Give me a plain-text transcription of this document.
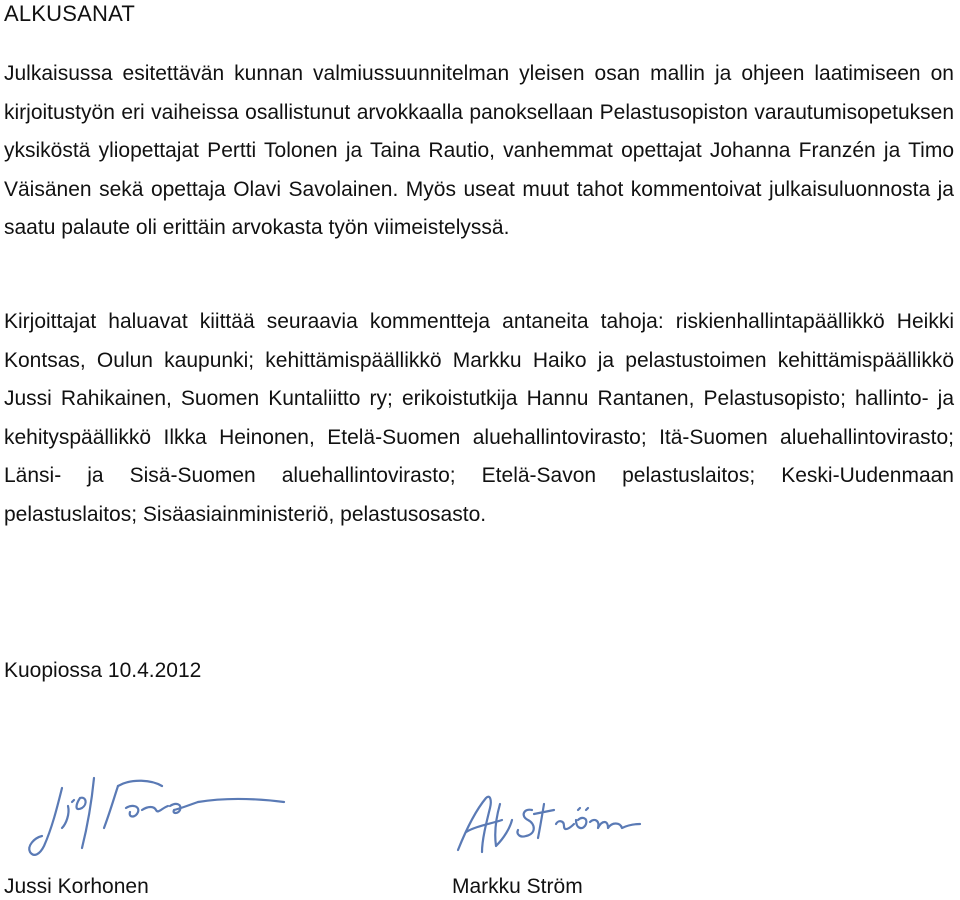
ALKUSANAT

Julkaisussa esitettävän kunnan valmiussuunnitelman yleisen osan mallin ja ohjeen laatimiseen on kirjoitustyön eri vaiheissa osallistunut arvokkaalla panoksellaan Pelastusopiston varautumisopetuksen yksiköstä yliopettajat Pertti Tolonen ja Taina Rautio, vanhemmat opettajat Johanna Franzén ja Timo Väisänen sekä opettaja Olavi Savolainen. Myös useat muut tahot kommentoivat julkaisuluonnosta ja saatu palaute oli erittäin arvokasta työn viimeistelyssä.

Kirjoittajat haluavat kiittää seuraavia kommentteja antaneita tahoja: riskienhallintapäällikkö Heikki Kontsas, Oulun kaupunki; kehittämispäällikkö Markku Haiko ja pelastustoimen kehittämispäällikkö Jussi Rahikainen, Suomen Kuntaliitto ry; erikoistutkija Hannu Rantanen, Pelastusopisto; hallinto- ja kehityspäällikkö Ilkka Heinonen, Etelä-Suomen aluehallintovirasto; Itä-Suomen aluehallintovirasto; Länsi- ja Sisä-Suomen aluehallintovirasto; Etelä-Savon pelastuslaitos; Keski-Uudenmaan pelastuslaitos; Sisäasiainministeriö, pelastusosasto.

Kuopiossa 10.4.2012
Jussi Korhonen	Markku Ström
